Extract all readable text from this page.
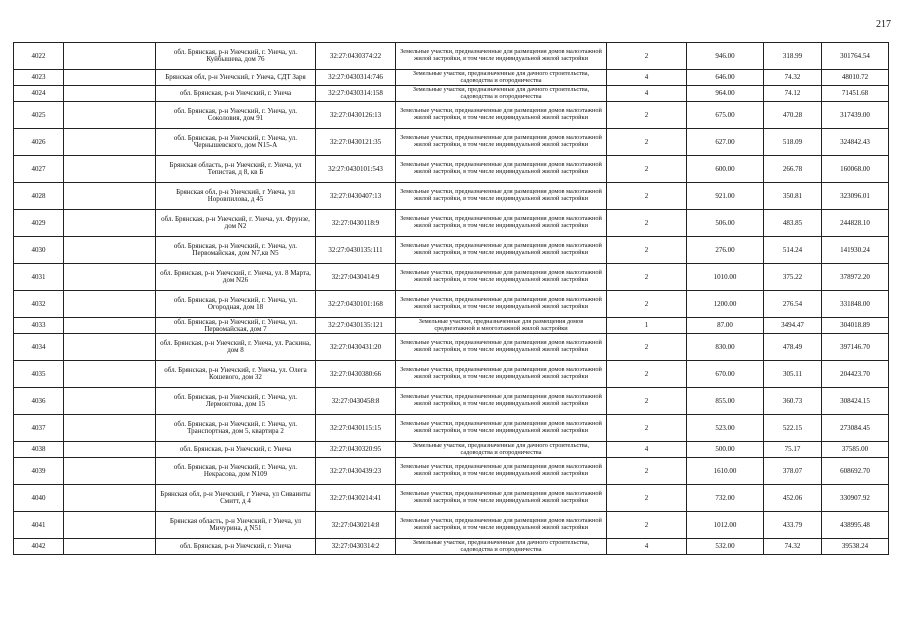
217
4022		обл. Брянская, р-н Унечский, г. Унеча, ул. Куйбышева, дом 76	32:27:0430374:22	Земельные участки, предназначенные для размещения домов малоэтажной жилой застройки, в том числе индивидуальной жилой застройки	2	946.00	318.99	301764.54
4023		Брянская обл, р-н Унечский, г Унеча, СДТ Заря	32:27:0430314:746	Земельные участки, предназначенные для дачного строительства, садоводства и огородничества	4	646.00	74.32	48010.72
4024		обл. Брянская, р-н Унечский, г. Унеча	32:27:0430314:158	Земельные участки, предназначенные для дачного строительства, садоводства и огородничества	4	964.00	74.12	71451.68
4025		обл. Брянская, р-н Унечский, г. Унеча, ул. Соколовия, дом 91	32:27:0430126:13	Земельные участки, предназначенные для размещения домов малоэтажной жилой застройки, в том числе индивидуальной жилой застройки	2	675.00	470.28	317439.00
4026		обл. Брянская, р-н Унечский, г. Унеча, ул. Чернышевского, дом N15-А	32:27:0430121:35	Земельные участки, предназначенные для размещения домов малоэтажной жилой застройки, в том числе индивидуальной жилой застройки	2	627.00	518.09	324842.43
4027		Брянская область, р-н Унечский, г. Унеча, ул Тепистая, д 8, кв Б	32:27:0430101:543	Земельные участки, предназначенные для размещения домов малоэтажной жилой застройки, в том числе индивидуальной жилой застройки	2	600.00	266.78	160068.00
4028		Брянская обл, р-н Унечский, г Унеча, ул Ноpовпилова, д 45	32:27:0430407:13	Земельные участки, предназначенные для размещения домов малоэтажной жилой застройки, в том числе индивидуальной жилой застройки	2	921.00	350.81	323096.01
4029		обл. Брянская, р-н Унечский, г. Унеча, ул. Фрунзе, дом N2	32:27:0430118:9	Земельные участки, предназначенные для размещения домов малоэтажной жилой застройки, в том числе индивидуальной жилой застройки	2	506.00	483.85	244828.10
4030		обл. Брянская, р-н Унечский, г. Унеча, ул. Первомайская, дом N7,кв N5	32:27:0430135:111	Земельные участки, предназначенные для размещения домов малоэтажной жилой застройки, в том числе индивидуальной жилой застройки	2	276.00	514.24	141930.24
4031		обл. Брянская, р-н Унечский, г. Унеча, ул. 8 Марта, дом N26	32:27:0430414:9	Земельные участки, предназначенные для размещения домов малоэтажной жилой застройки, в том числе индивидуальной жилой застройки	2	1010.00	375.22	378972.20
4032		обл. Брянская, р-н Унечский, г. Унеча, ул. Огородная, дом 18	32:27:0430101:168	Земельные участки, предназначенные для размещения домов малоэтажной жилой застройки, в том числе индивидуальной жилой застройки	2	1200.00	276.54	331848.00
4033		обл. Брянская, р-н Унечский, г. Унеча, ул. Первомайская, дом 7	32:27:0430135:121	Земельные участки, предназначенные для размещения домов среднеэтажной и многоэтажной жилой застройки	1	87.00	3494.47	304018.89
4034		обл. Брянская, р-н Унечский, г. Унеча, ул. Раскина, дом 8	32:27:0430431:20	Земельные участки, предназначенные для размещения домов малоэтажной жилой застройки, в том числе индивидуальной жилой застройки	2	830.00	478.49	397146.70
4035		обл. Брянская, р-н Унечский, г. Унеча, ул. Олега Кошевого, дом 32	32:27:0430380:66	Земельные участки, предназначенные для размещения домов малоэтажной жилой застройки, в том числе индивидуальной жилой застройки	2	670.00	305.11	204423.70
4036		обл. Брянская, р-н Унечский, г. Унеча, ул. Лермонтова, дом 15	32:27:0430458:8	Земельные участки, предназначенные для размещения домов малоэтажной жилой застройки, в том числе индивидуальной жилой застройки	2	855.00	360.73	308424.15
4037		обл. Брянская, р-н Унечский, г. Унеча, ул. Транспортная, дом 5, квартира 2	32:27:0430115:15	Земельные участки, предназначенные для размещения домов малоэтажной жилой застройки, в том числе индивидуальной жилой застройки	2	523.00	522.15	273084.45
4038		обл. Брянская, р-н Унечский, г. Унеча	32:27:0430320:95	Земельные участки, предназначенные для дачного строительства, садоводства и огородничества	4	500.00	75.17	37585.00
4039		обл. Брянская, р-н Унечский, г. Унеча, ул. Некрасова, дом N109	32:27:0430439:23	Земельные участки, предназначенные для размещения домов малоэтажной жилой застройки, в том числе индивидуальной жилой застройки	2	1610.00	378.07	608692.70
4040		Брянская обл, р-н Унечский, г Унеча, ул Сиваинты Смитт, д 4	32:27:0430214:41	Земельные участки, предназначенные для размещения домов малоэтажной жилой застройки, в том числе индивидуальной жилой застройки	2	732.00	452.06	330907.92
4041		Брянская область, р-н Унечский, г Унеча, ул Мичурина, д N51	32:27:0430214:8	Земельные участки, предназначенные для размещения домов малоэтажной жилой застройки, в том числе индивидуальной жилой застройки	2	1012.00	433.79	438995.48
4042		обл. Брянская, р-н Унечский, г. Унеча	32:27:0430314:2	Земельные участки, предназначенные для дачного строительства, садоводства и огородничества	4	532.00	74.32	39538.24
